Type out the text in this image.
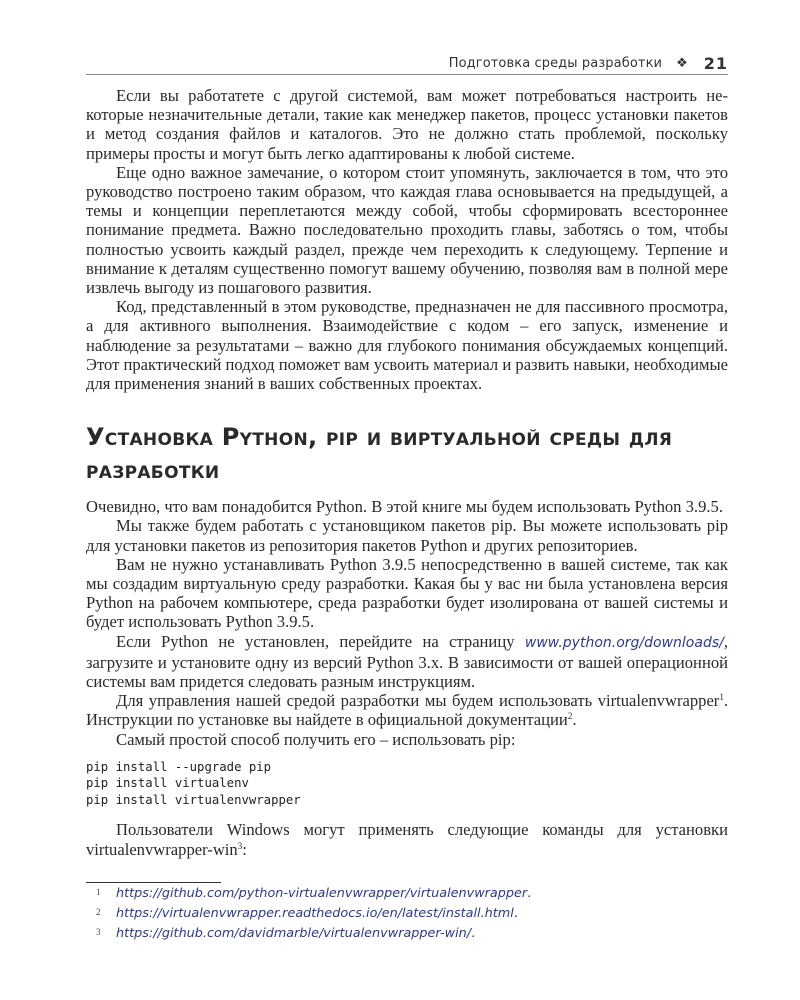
Подготовка среды разработки ❖ 21

Если вы работатете с другой системой, вам может потребоваться настроить некоторые незначительные детали, такие как менеджер пакетов, процесс установки пакетов и метод создания файлов и каталогов. Это не должно стать проблемой, поскольку примеры просты и могут быть легко адаптированы к любой системе.

Еще одно важное замечание, о котором стоит упомянуть, заключается в том, что это руководство построено таким образом, что каждая глава основывается на предыдущей, а темы и концепции переплетаются между собой, чтобы сформировать всестороннее понимание предмета. Важно последовательно проходить главы, заботясь о том, чтобы полностью усвоить каждый раздел, прежде чем переходить к следующему. Терпение и внимание к деталям существенно помогут вашему обучению, позволяя вам в полной мере извлечь выгоду из пошагового развития.

Код, представленный в этом руководстве, предназначен не для пассивного просмотра, а для активного выполнения. Взаимодействие с кодом – его запуск, изменение и наблюдение за результатами – важно для глубокого понимания обсуждаемых концепций. Этот практический подход поможет вам усвоить материал и развить навыки, необходимые для применения знаний в ваших собственных проектах.

Установка Python, pip и виртуальной среды для разработки

Очевидно, что вам понадобится Python. В этой книге мы будем использовать Python 3.9.5.

Мы также будем работать с установщиком пакетов pip. Вы можете использовать pip для установки пакетов из репозитория пакетов Python и других репозиториев.

Вам не нужно устанавливать Python 3.9.5 непосредственно в вашей системе, так как мы создадим виртуальную среду разработки. Какая бы у вас ни была установлена версия Python на рабочем компьютере, среда разработки будет изолирована от вашей системы и будет использовать Python 3.9.5.

Если Python не установлен, перейдите на страницу www.python.org/downloads/, загрузите и установите одну из версий Python 3.x. В зависимости от вашей операционной системы вам придется следовать разным инструкциям.

Для управления нашей средой разработки мы будем использовать virtualenvwrapper$^1$. Инструкции по установке вы найдете в официальной документации$^2$.

Самый простой способ получить его – использовать pip:

pip install --upgrade pip
pip install virtualenv
pip install virtualenvwrapper

Пользователи Windows могут применять следующие команды для установки virtualenvwrapper-win$^3$:

1	https://github.com/python-virtualenvwrapper/virtualenvwrapper.
2	https://virtualenvwrapper.readthedocs.io/en/latest/install.html.
3	https://github.com/davidmarble/virtualenvwrapper-win/.
